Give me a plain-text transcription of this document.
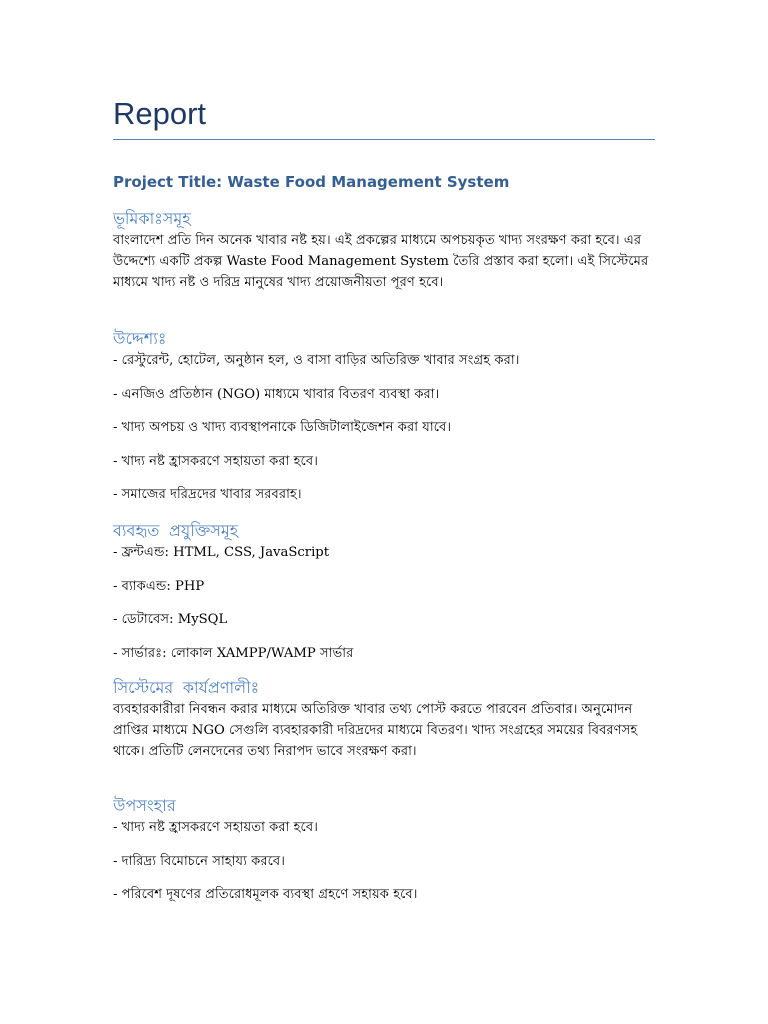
Report
Project Title: Waste Food Management System
ভূমিকাঃসমূহ

বাংলাদেশ প্রতি দিন অনেক খাবার নষ্ট হয়। এই প্রকল্পের মাধ্যমে অপচয়কৃত খাদ্য সংরক্ষণ করা হবে। এর উদ্দেশ্যে একটি প্রকল্প Waste Food Management System তৈরি প্রস্তাব করা হলো। এই সিস্টেমের মাধ্যমে খাদ্য নষ্ট ও দরিদ্র মানুষের খাদ্য প্রয়োজনীয়তা পূরণ হবে।

উদ্দেশ্যঃ
- রেস্টুরেন্ট, হোটেল, অনুষ্ঠান হল, ও বাসা বাড়ির অতিরিক্ত খাবার সংগ্রহ করা।
- এনজিও প্রতিষ্ঠান (NGO) মাধ্যমে খাবার বিতরণ ব্যবস্থা করা।
- খাদ্য অপচয় ও খাদ্য ব্যবস্থাপনাকে ডিজিটালাইজেশন করা যাবে।
- খাদ্য নষ্ট হ্রাসকরণে সহায়তা করা হবে।
- সমাজের দরিদ্রদের খাবার সরবরাহ।
ব্যবহৃত প্রযুক্তিসমূহ
- ফ্রন্টএন্ড: HTML, CSS, JavaScript
- ব্যাকএন্ড: PHP
- ডেটাবেস: MySQL
- সার্ভারঃ: লোকাল XAMPP/WAMP সার্ভার
সিস্টেমের কার্যপ্রণালীঃ

ব্যবহারকারীরা নিবন্ধন করার মাধ্যমে অতিরিক্ত খাবার তথ্য পোস্ট করতে পারবেন প্রতিবার। অনুমোদন প্রাপ্তির মাধ্যমে NGO সেগুলি ব্যবহারকারী দরিদ্রদের মাধ্যমে বিতরণ। খাদ্য সংগ্রহের সময়ের বিবরণসহ থাকে। প্রতিটি লেনদেনের তথ্য নিরাপদ ভাবে সংরক্ষণ করা।

উপসংহার
- খাদ্য নষ্ট হ্রাসকরণে সহায়তা করা হবে।
- দারিদ্র্য বিমোচনে সাহায্য করবে।
- পরিবেশ দূষণের প্রতিরোধমূলক ব্যবস্থা গ্রহণে সহায়ক হবে।
